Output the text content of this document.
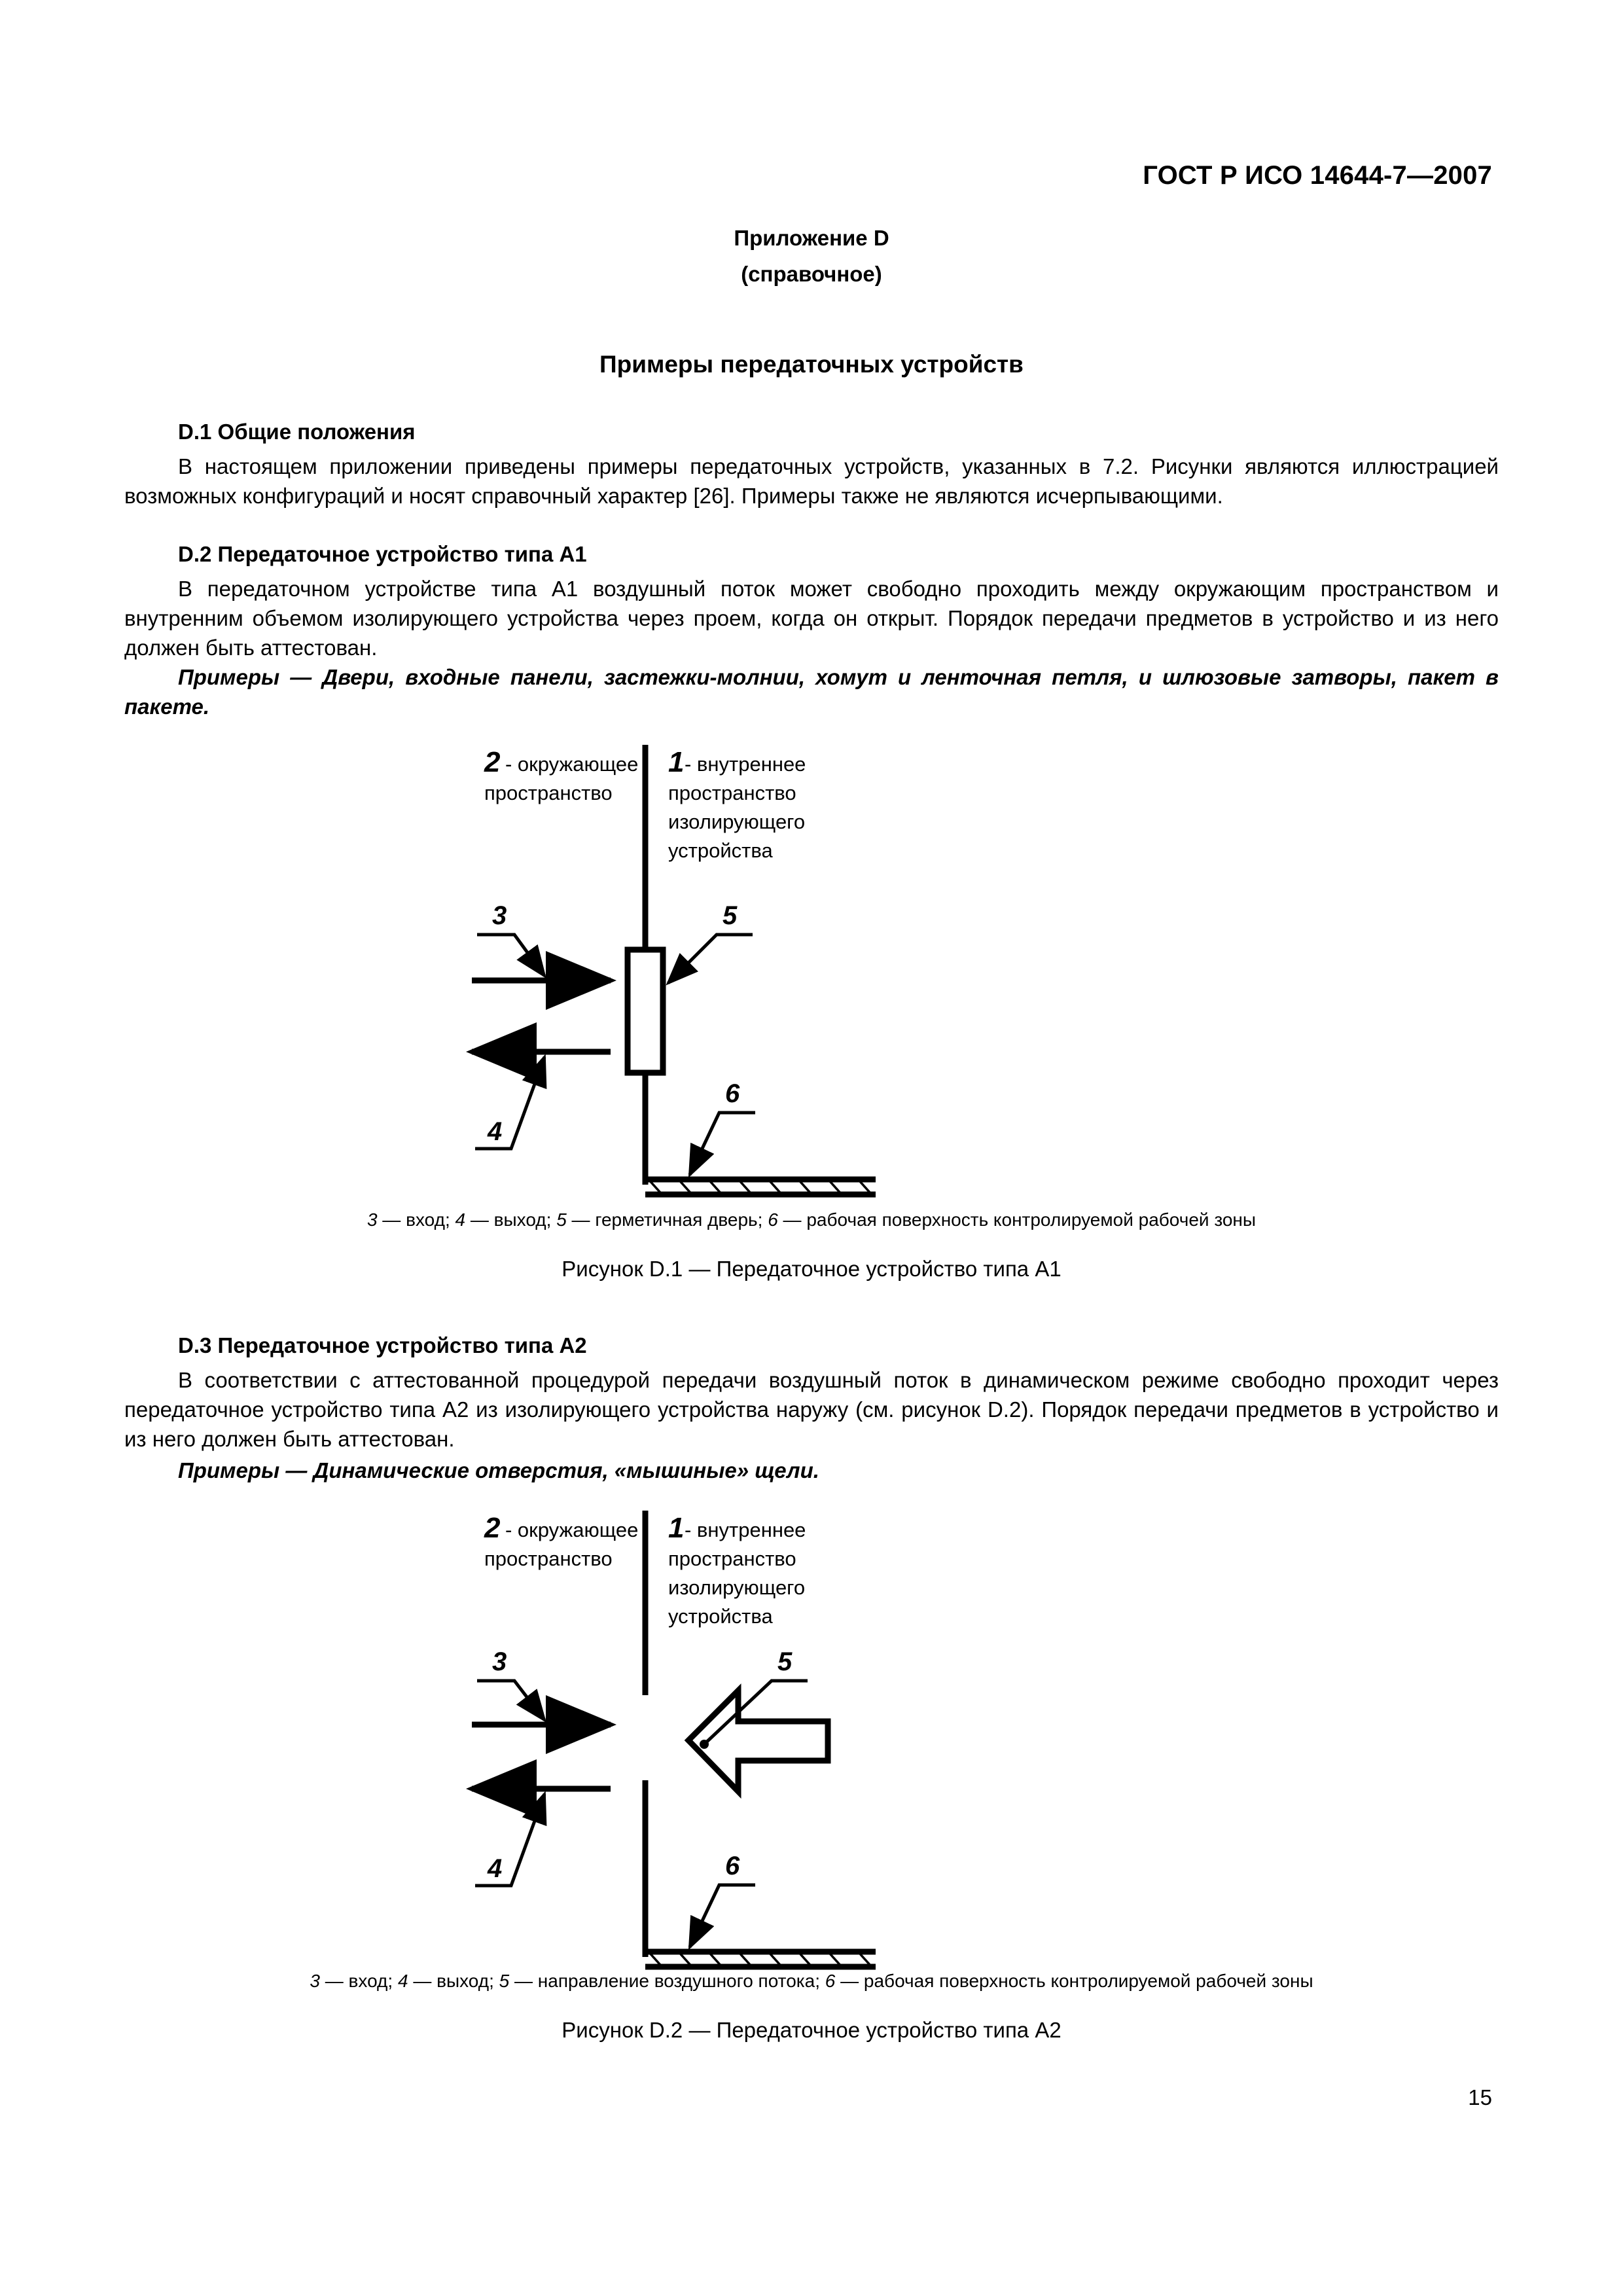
ГОСТ Р ИСО 14644-7—2007
Приложение D
(справочное)
Примеры передаточных устройств
D.1 Общие положения
В настоящем приложении приведены примеры передаточных устройств, указанных в 7.2. Рисунки являются иллюстрацией возможных конфигураций и носят справочный характер [26]. Примеры также не являются исчерпывающими.
D.2 Передаточное устройство типа А1
В передаточном устройстве типа А1 воздушный поток может свободно проходить между окружающим пространством и внутренним объемом изолирующего устройства через проем, когда он открыт. Порядок передачи предметов в устройство и из него должен быть аттестован.
Примеры — Двери, входные панели, застежки-молнии, хомут и ленточная петля, и шлюзовые затворы, пакет в пакете.
2 - окружающее
пространство
1 - внутреннее
пространство
изолирующего
устройства
3
4
5
6
3 — вход; 4 — выход; 5 — герметичная дверь; 6 — рабочая поверхность контролируемой рабочей зоны
Рисунок D.1 — Передаточное устройство типа А1
D.3 Передаточное устройство типа А2
В соответствии с аттестованной процедурой передачи воздушный поток в динамическом режиме свободно проходит через передаточное устройство типа А2 из изолирующего устройства наружу (см. рисунок D.2). Порядок передачи предметов в устройство и из него должен быть аттестован.
Примеры — Динамические отверстия, «мышиные» щели.
2 - окружающее
пространство
1 - внутреннее
пространство
изолирующего
устройства
3
4
5
6
3 — вход; 4 — выход; 5 — направление воздушного потока; 6 — рабочая поверхность контролируемой рабочей зоны
Рисунок D.2 — Передаточное устройство типа А2
15
